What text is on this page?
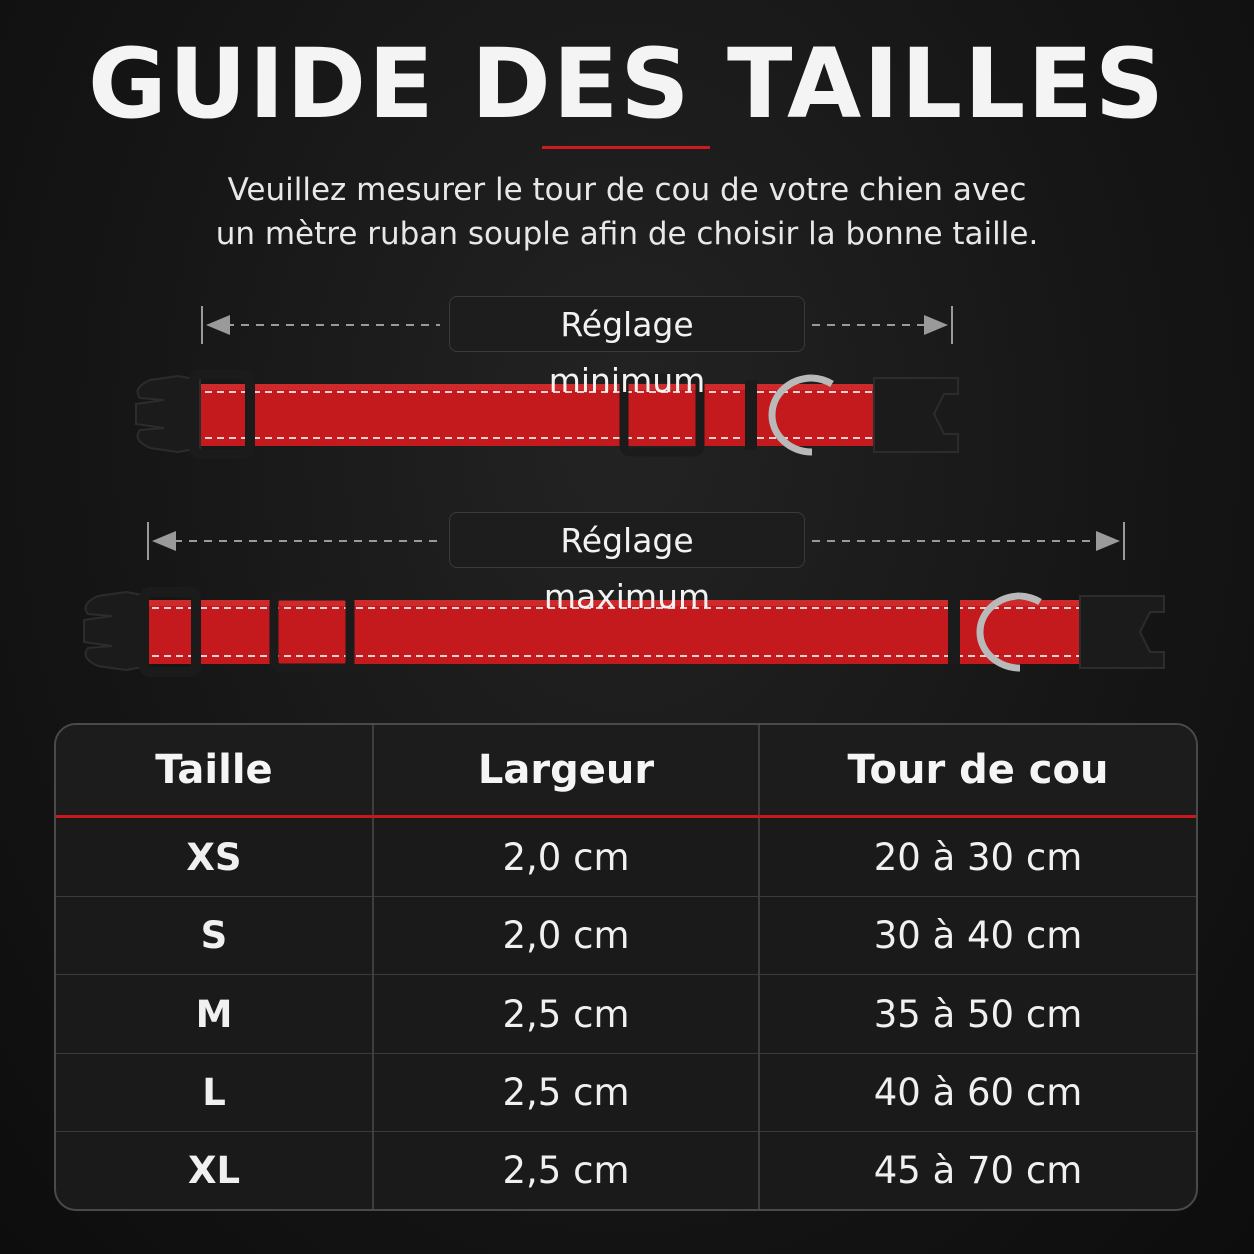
GUIDE DES TAILLES
Veuillez mesurer le tour de cou de votre chien avec
un mètre ruban souple afin de choisir la bonne taille.
Réglage minimum
Réglage maximum
Taille	Largeur	Tour de cou
XS	2,0 cm	20 à 30 cm
S	2,0 cm	30 à 40 cm
M	2,5 cm	35 à 50 cm
L	2,5 cm	40 à 60 cm
XL	2,5 cm	45 à 70 cm
